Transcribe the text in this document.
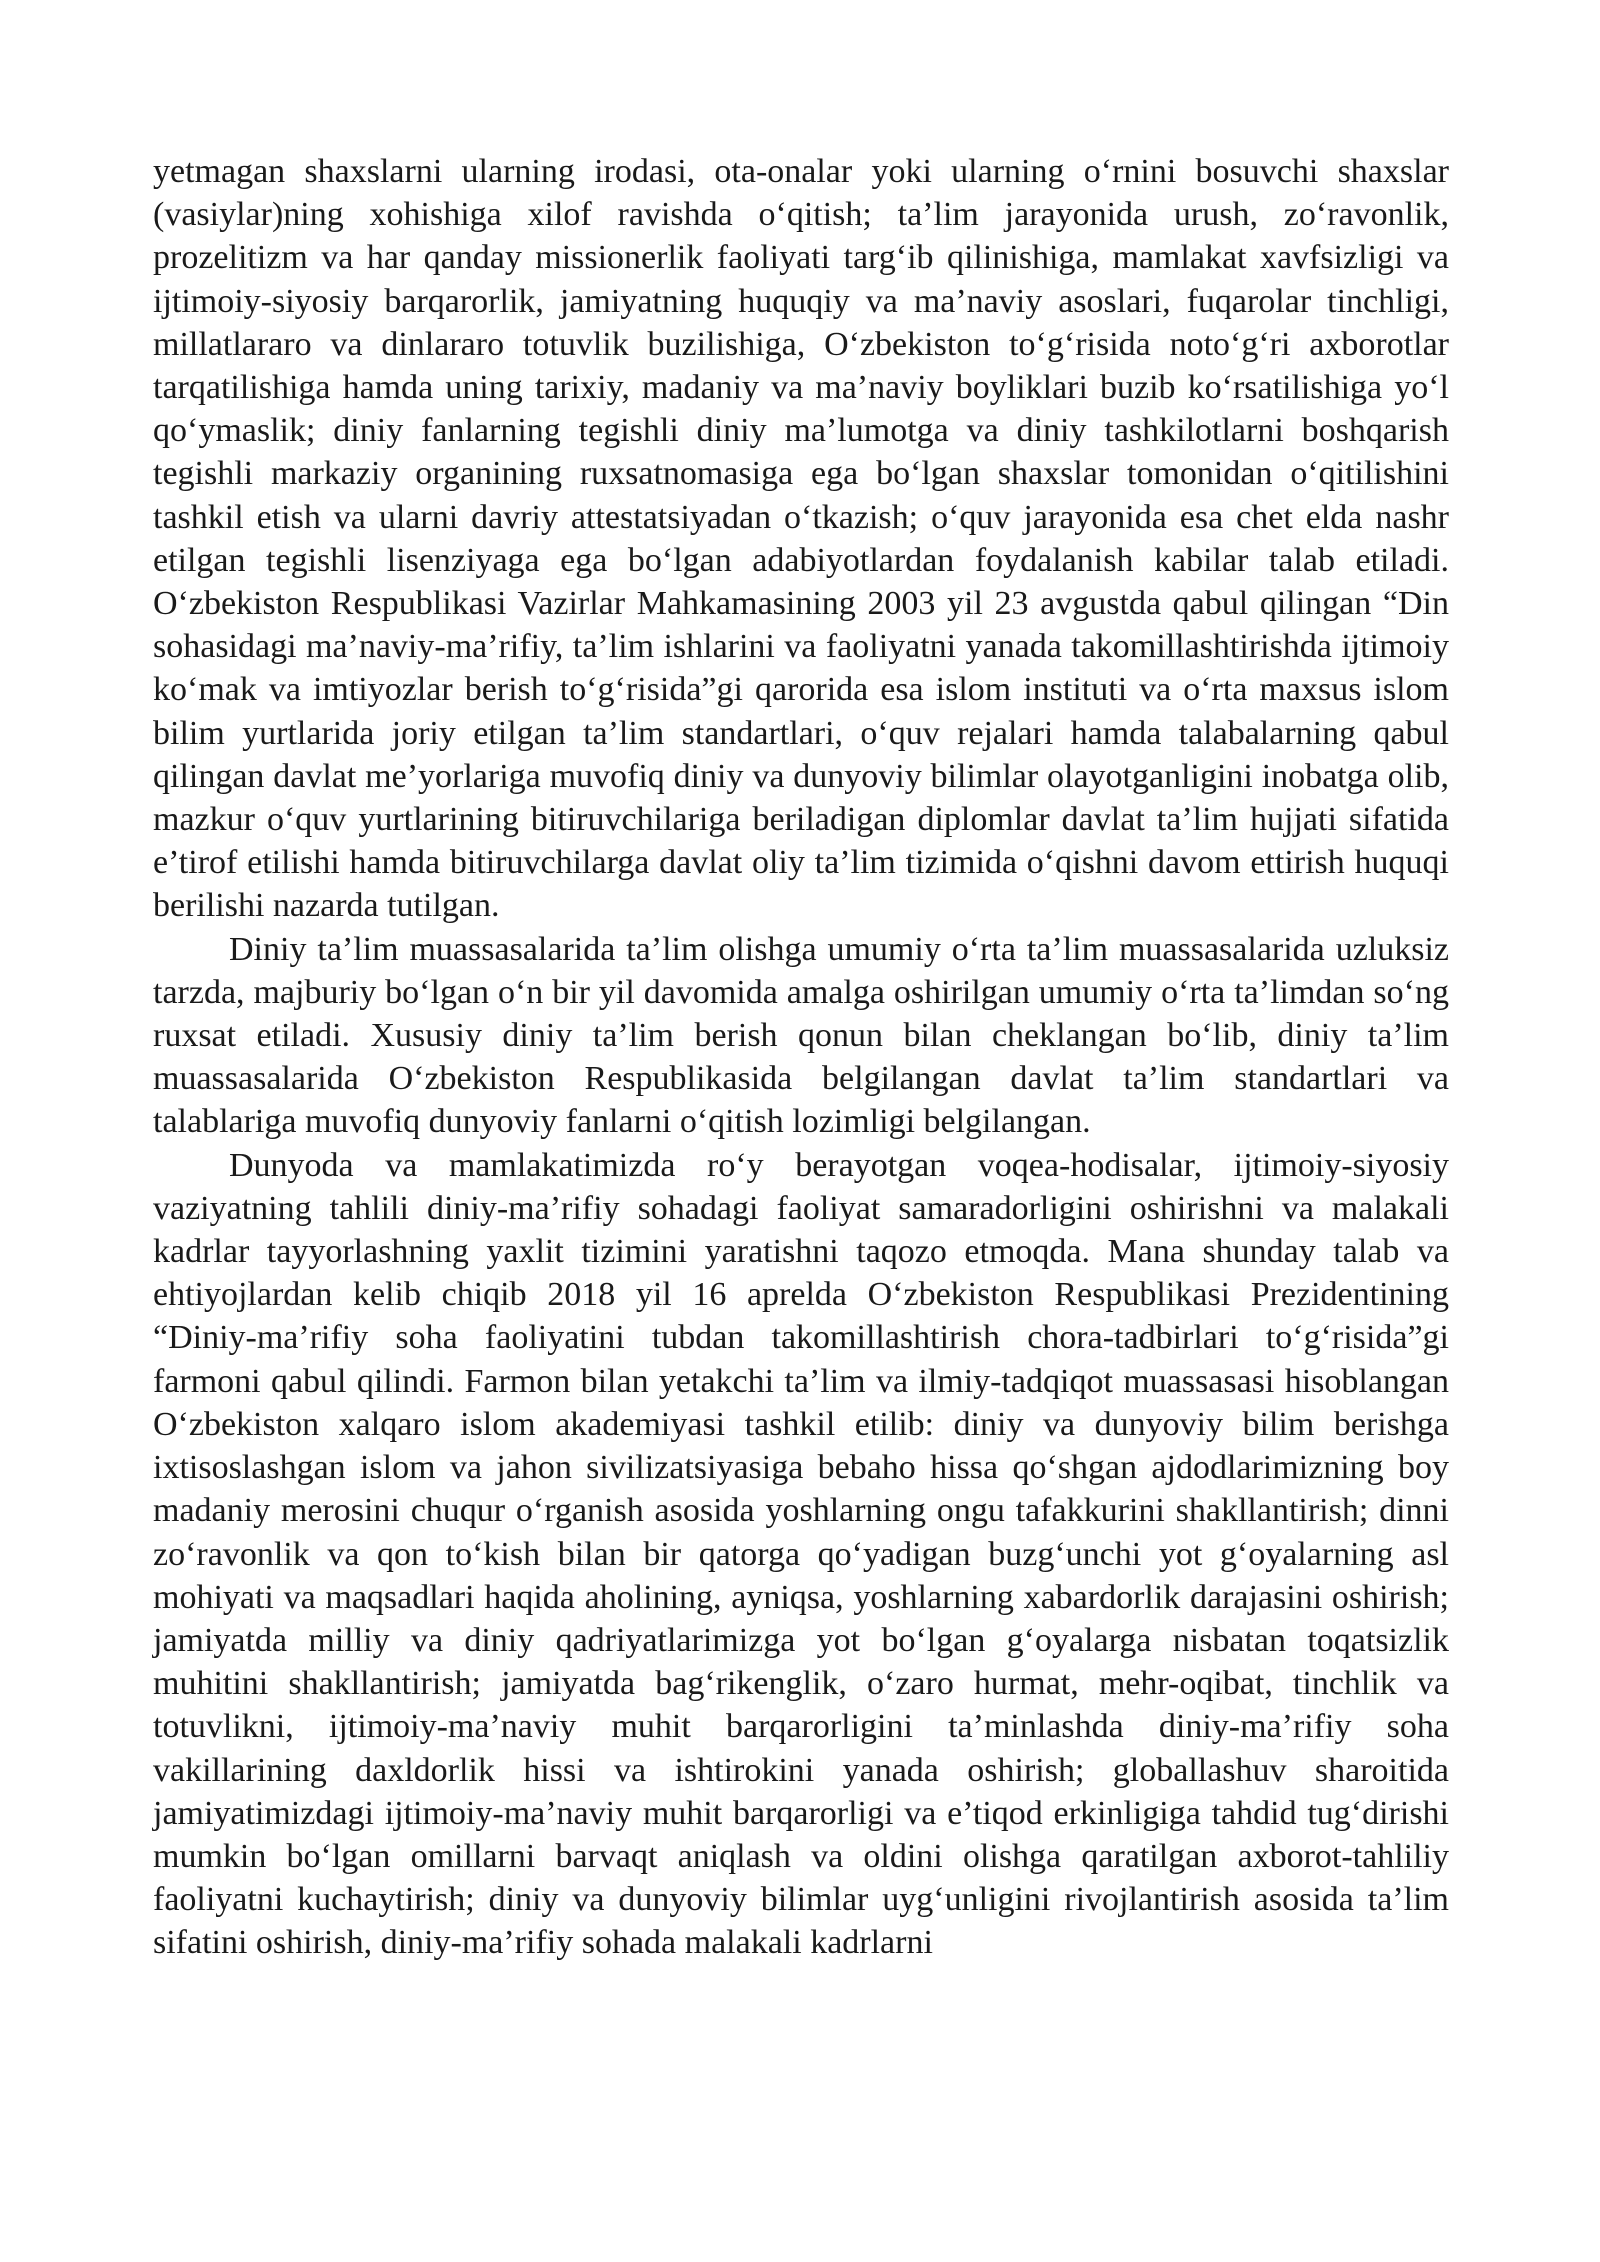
yetmagan shaxslarni ularning irodasi, ota-onalar yoki ularning o‘rnini bosuvchi shaxslar (vasiylar)ning xohishiga xilof ravishda o‘qitish; ta’lim jarayonida urush, zo‘ravonlik, prozelitizm va har qanday missionerlik faoliyati targ‘ib qilinishiga, mamlakat xavfsizligi va ijtimoiy-siyosiy barqarorlik, jamiyatning huquqiy va ma’naviy asoslari, fuqarolar tinchligi, millatlararo va dinlararo totuvlik buzilishiga, O‘zbekiston to‘g‘risida noto‘g‘ri axborotlar tarqatilishiga hamda uning tarixiy, madaniy va ma’naviy boyliklari buzib ko‘rsatilishiga yo‘l qo‘ymaslik; diniy fanlarning tegishli diniy ma’lumotga va diniy tashkilotlarni boshqarish tegishli markaziy organining ruxsatnomasiga ega bo‘lgan shaxslar tomonidan o‘qitilishini tashkil etish va ularni davriy attestatsiyadan o‘tkazish; o‘quv jarayonida esa chet elda nashr etilgan tegishli lisenziyaga ega bo‘lgan adabiyotlardan foydalanish kabilar talab etiladi. O‘zbekiston Respublikasi Vazirlar Mahkamasining 2003 yil 23 avgustda qabul qilingan “Din sohasidagi ma’naviy-ma’rifiy, ta’lim ishlarini va faoliyatni yanada takomillashtirishda ijtimoiy ko‘mak va imtiyozlar berish to‘g‘risida”gi qarorida esa islom instituti va o‘rta maxsus islom bilim yurtlarida joriy etilgan ta’lim standartlari, o‘quv rejalari hamda talabalarning qabul qilingan davlat me’yorlariga muvofiq diniy va dunyoviy bilimlar olayotganligini inobatga olib, mazkur o‘quv yurtlarining bitiruvchilariga beriladigan diplomlar davlat ta’lim hujjati sifatida e’tirof etilishi hamda bitiruvchilarga davlat oliy ta’lim tizimida o‘qishni davom ettirish huquqi berilishi nazarda tutilgan.

Diniy ta’lim muassasalarida ta’lim olishga umumiy o‘rta ta’lim muassasalarida uzluksiz tarzda, majburiy bo‘lgan o‘n bir yil davomida amalga oshirilgan umumiy o‘rta ta’limdan so‘ng ruxsat etiladi. Xususiy diniy ta’lim berish qonun bilan cheklangan bo‘lib, diniy ta’lim muassasalarida O‘zbekiston Respublikasida belgilangan davlat ta’lim standartlari va talablariga muvofiq dunyoviy fanlarni o‘qitish lozimligi belgilangan.

Dunyoda va mamlakatimizda ro‘y berayotgan voqea-hodisalar, ijtimoiy-siyosiy vaziyatning tahlili diniy-ma’rifiy sohadagi faoliyat samaradorligini oshirishni va malakali kadrlar tayyorlashning yaxlit tizimini yaratishni taqozo etmoqda. Mana shunday talab va ehtiyojlardan kelib chiqib 2018 yil 16 aprelda O‘zbekiston Respublikasi Prezidentining “Diniy-ma’rifiy soha faoliyatini tubdan takomillashtirish chora-tadbirlari to‘g‘risida”gi farmoni qabul qilindi. Farmon bilan yetakchi ta’lim va ilmiy-tadqiqot muassasasi hisoblangan O‘zbekiston xalqaro islom akademiyasi tashkil etilib: diniy va dunyoviy bilim berishga ixtisoslashgan islom va jahon sivilizatsiyasiga bebaho hissa qo‘shgan ajdodlarimizning boy madaniy merosini chuqur o‘rganish asosida yoshlarning ongu tafakkurini shakllantirish; dinni zo‘ravonlik va qon to‘kish bilan bir qatorga qo‘yadigan buzg‘unchi yot g‘oyalarning asl mohiyati va maqsadlari haqida aholining, ayniqsa, yoshlarning xabardorlik darajasini oshirish; jamiyatda milliy va diniy qadriyatlarimizga yot bo‘lgan g‘oyalarga nisbatan toqatsizlik muhitini shakllantirish; jamiyatda bag‘rikenglik, o‘zaro hurmat, mehr-oqibat, tinchlik va totuvlikni, ijtimoiy-ma’naviy muhit barqarorligini ta’minlashda diniy-ma’rifiy soha vakillarining daxldorlik hissi va ishtirokini yanada oshirish; globallashuv sharoitida jamiyatimizdagi ijtimoiy-ma’naviy muhit barqarorligi va e’tiqod erkinligiga tahdid tug‘dirishi mumkin bo‘lgan omillarni barvaqt aniqlash va oldini olishga qaratilgan axborot-tahliliy faoliyatni kuchaytirish; diniy va dunyoviy bilimlar uyg‘unligini rivojlantirish asosida ta’lim sifatini oshirish, diniy-ma’rifiy sohada malakali kadrlarni
